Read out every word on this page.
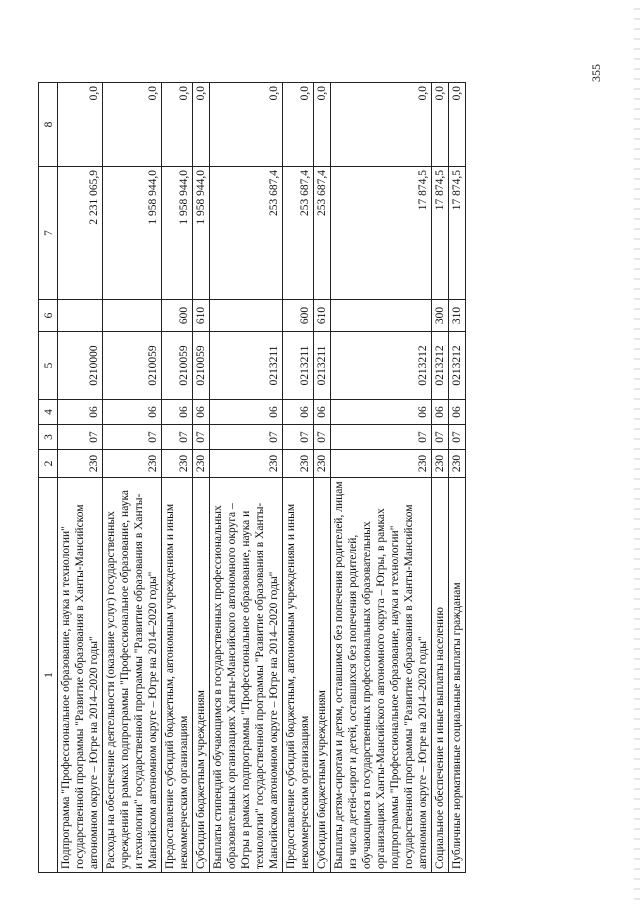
355
1	2	3	4	5	6	7	8
Подпрограмма "Профессиональное образование, наука и технологии" государственной программы "Развитие образования в Ханты-Мансийском автономном округе – Югре на 2014–2020 годы"	230	07	06	0210000		2 231 065,9	0,0
Расходы на обеспечение деятельности (оказание услуг) государственных учреждений в рамках подпрограммы "Профессиональное образование, наука и технологии" государственной программы "Развитие образования в Ханты-Мансийском автономном округе – Югре на 2014–2020 годы"	230	07	06	0210059		1 958 944,0	0,0
Предоставление субсидий бюджетным, автономным учреждениям и иным некоммерческим организациям	230	07	06	0210059	600	1 958 944,0	0,0
Субсидии бюджетным учреждениям	230	07	06	0210059	610	1 958 944,0	0,0
Выплаты стипендий обучающимся в государственных профессиональных образовательных организациях Ханты-Мансийского автономного округа – Югры в рамках подпрограммы "Профессиональное образование, наука и технологии" государственной программы "Развитие образования в Ханты-Мансийском автономном округе – Югре на 2014–2020 годы"	230	07	06	0213211		253 687,4	0,0
Предоставление субсидий бюджетным, автономным учреждениям и иным некоммерческим организациям	230	07	06	0213211	600	253 687,4	0,0
Субсидии бюджетным учреждениям	230	07	06	0213211	610	253 687,4	0,0
Выплаты детям-сиротам и детям, оставшимся без попечения родителей, лицам из числа детей-сирот и детей, оставшихся без попечения родителей, обучающимся в государственных профессиональных образовательных организациях Ханты-Мансийского автономного округа – Югры, в рамках подпрограммы "Профессиональное образование, наука и технологии" государственной программы "Развитие образования в Ханты-Мансийском автономном округе – Югре на 2014–2020 годы"	230	07	06	0213212		17 874,5	0,0
Социальное обеспечение и иные выплаты населению	230	07	06	0213212	300	17 874,5	0,0
Публичные нормативные социальные выплаты гражданам	230	07	06	0213212	310	17 874,5	0,0
